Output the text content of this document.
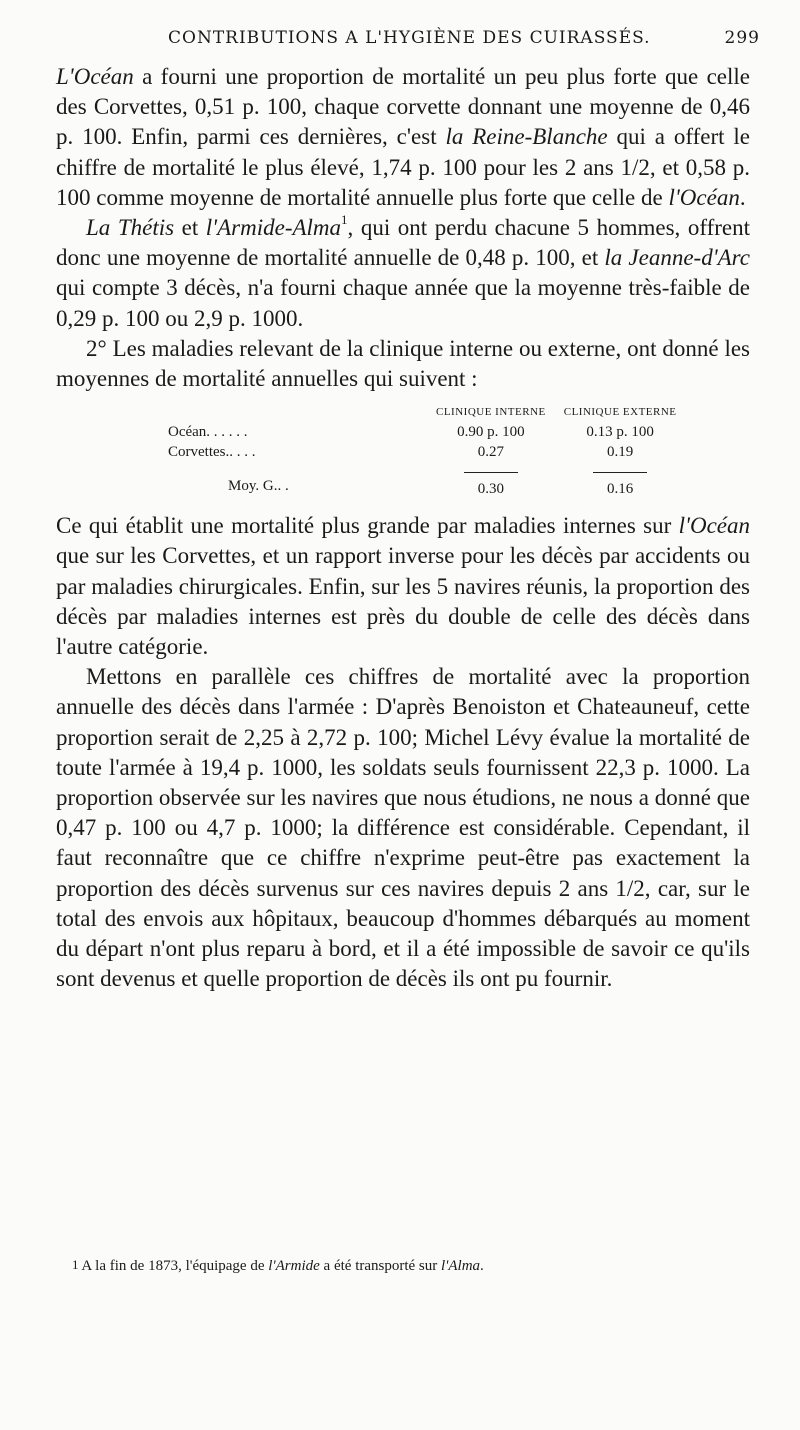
CONTRIBUTIONS A L'HYGIÈNE DES CUIRASSÉS.	299

L'Océan a fourni une proportion de mortalité un peu plus forte que celle des Corvettes, 0,51 p. 100, chaque corvette donnant une moyenne de 0,46 p. 100. Enfin, parmi ces dernières, c'est la Reine-Blanche qui a offert le chiffre de mortalité le plus élevé, 1,74 p. 100 pour les 2 ans 1/2, et 0,58 p. 100 comme moyenne de mortalité annuelle plus forte que celle de l'Océan.

La Thétis et l'Armide-Alma$^1$, qui ont perdu chacune 5 hommes, offrent donc une moyenne de mortalité annuelle de 0,48 p. 100, et la Jeanne-d'Arc qui compte 3 décès, n'a fourni chaque année que la moyenne très-faible de 0,29 p. 100 ou 2,9 p. 1000.

2° Les maladies relevant de la clinique interne ou externe, ont donné les moyennes de mortalité annuelles qui suivent :

	CLINIQUE INTERNE	CLINIQUE EXTERNE
Océan. . . . . .	0.90 p. 100	0.13 p. 100
Corvettes.. . . .	0.27	0.19
Moy. G.. .	0.30	0.16

Ce qui établit une mortalité plus grande par maladies internes sur l'Océan que sur les Corvettes, et un rapport inverse pour les décès par accidents ou par maladies chirurgicales. Enfin, sur les 5 navires réunis, la proportion des décès par maladies internes est près du double de celle des décès dans l'autre catégorie.

Mettons en parallèle ces chiffres de mortalité avec la proportion annuelle des décès dans l'armée : D'après Benoiston et Chateauneuf, cette proportion serait de 2,25 à 2,72 p. 100; Michel Lévy évalue la mortalité de toute l'armée à 19,4 p. 1000, les soldats seuls fournissent 22,3 p. 1000. La proportion observée sur les navires que nous étudions, ne nous a donné que 0,47 p. 100 ou 4,7 p. 1000; la différence est considérable. Cependant, il faut reconnaître que ce chiffre n'exprime peut-être pas exactement la proportion des décès survenus sur ces navires depuis 2 ans 1/2, car, sur le total des envois aux hôpitaux, beaucoup d'hommes débarqués au moment du départ n'ont plus reparu à bord, et il a été impossible de savoir ce qu'ils sont devenus et quelle proportion de décès ils ont pu fournir.

$^1$ A la fin de 1873, l'équipage de l'Armide a été transporté sur l'Alma.
